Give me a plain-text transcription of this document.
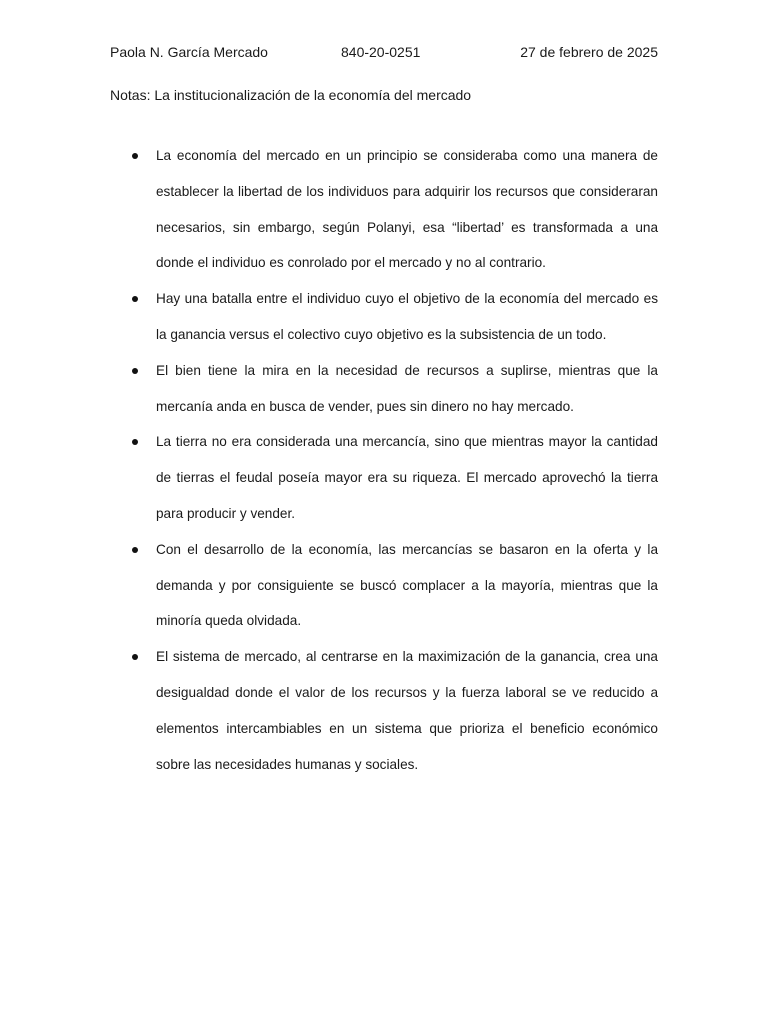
Paola N. García Mercado	840-20-0251	27 de febrero de 2025
Notas: La institucionalización de la economía del mercado
La economía del mercado en un principio se consideraba como una manera de establecer la libertad de los individuos para adquirir los recursos que consideraran necesarios, sin embargo, según Polanyi, esa “libertad’ es transformada a una donde el individuo es conrolado por el mercado y no al contrario.
Hay una batalla entre el individuo cuyo el objetivo de la economía del mercado es la ganancia versus el colectivo cuyo objetivo es la subsistencia de un todo.
El bien tiene la mira en la necesidad de recursos a suplirse, mientras que la mercanía anda en busca de vender, pues sin dinero no hay mercado.
La tierra no era considerada una mercancía, sino que mientras mayor la cantidad de tierras el feudal poseía mayor era su riqueza. El mercado aprovechó la tierra para producir y vender.
Con el desarrollo de la economía, las mercancías se basaron en la oferta y la demanda y por consiguiente se buscó complacer a la mayoría, mientras que la minoría queda olvidada.
El sistema de mercado, al centrarse en la maximización de la ganancia, crea una desigualdad donde el valor de los recursos y la fuerza laboral se ve reducido a elementos intercambiables en un sistema que prioriza el beneficio económico sobre las necesidades humanas y sociales.
